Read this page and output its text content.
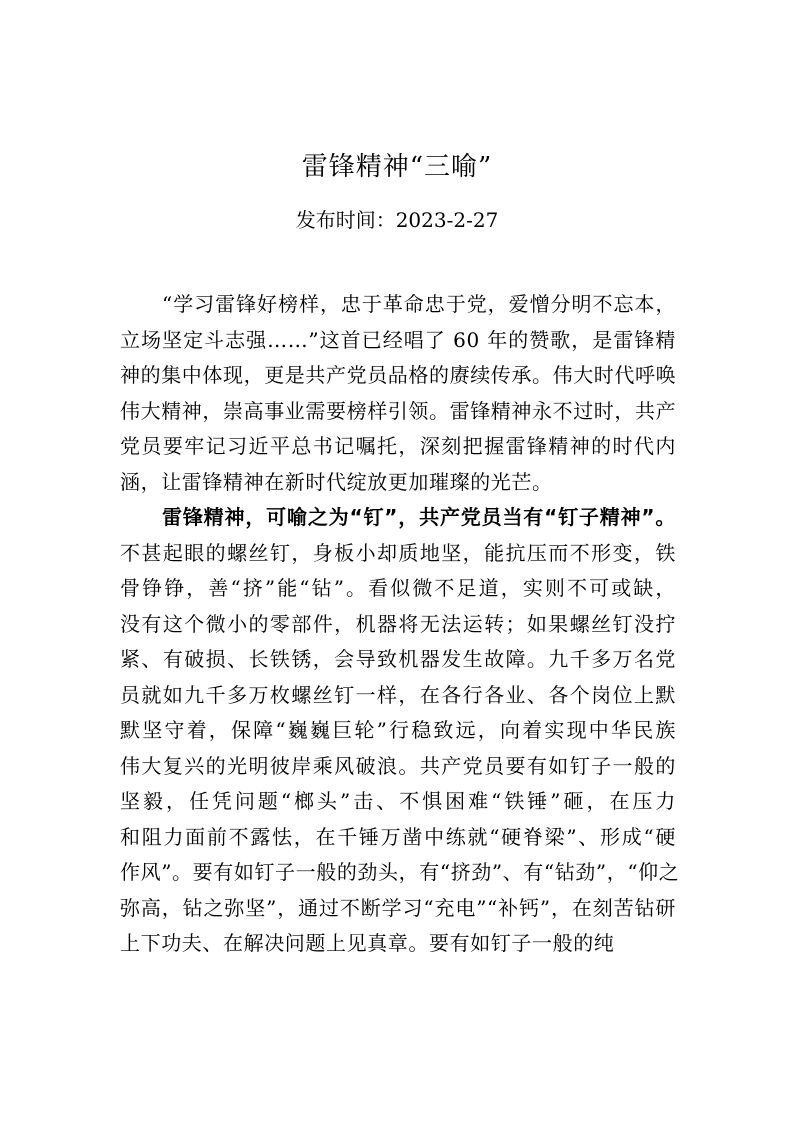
雷锋精神“三喻”
发布时间：2023-2-27
“学习雷锋好榜样，忠于革命忠于党，爱憎分明不忘本，
立场坚定斗志强……”这首已经唱了 60 年的赞歌，是雷锋精
神的集中体现，更是共产党员品格的赓续传承。伟大时代呼唤
伟大精神，崇高事业需要榜样引领。雷锋精神永不过时，共产
党员要牢记习近平总书记嘱托，深刻把握雷锋精神的时代内
涵，让雷锋精神在新时代绽放更加璀璨的光芒。
雷锋精神，可喻之为“钉”，共产党员当有“钉子精神”。
不甚起眼的螺丝钉，身板小却质地坚，能抗压而不形变，铁
骨铮铮，善“挤”能“钻”。看似微不足道，实则不可或缺，
没有这个微小的零部件，机器将无法运转；如果螺丝钉没拧
紧、有破损、长铁锈，会导致机器发生故障。九千多万名党
员就如九千多万枚螺丝钉一样，在各行各业、各个岗位上默
默坚守着，保障“巍巍巨轮”行稳致远，向着实现中华民族
伟大复兴的光明彼岸乘风破浪。共产党员要有如钉子一般的
坚毅，任凭问题“榔头”击、不惧困难“铁锤”砸，在压力
和阻力面前不露怯，在千锤万凿中练就“硬脊梁”、形成“硬
作风”。要有如钉子一般的劲头，有“挤劲”、有“钻劲”，“仰之
弥高，钻之弥坚”，通过不断学习“充电”“补钙”，在刻苦钻研
上下功夫、在解决问题上见真章。要有如钉子一般的纯
